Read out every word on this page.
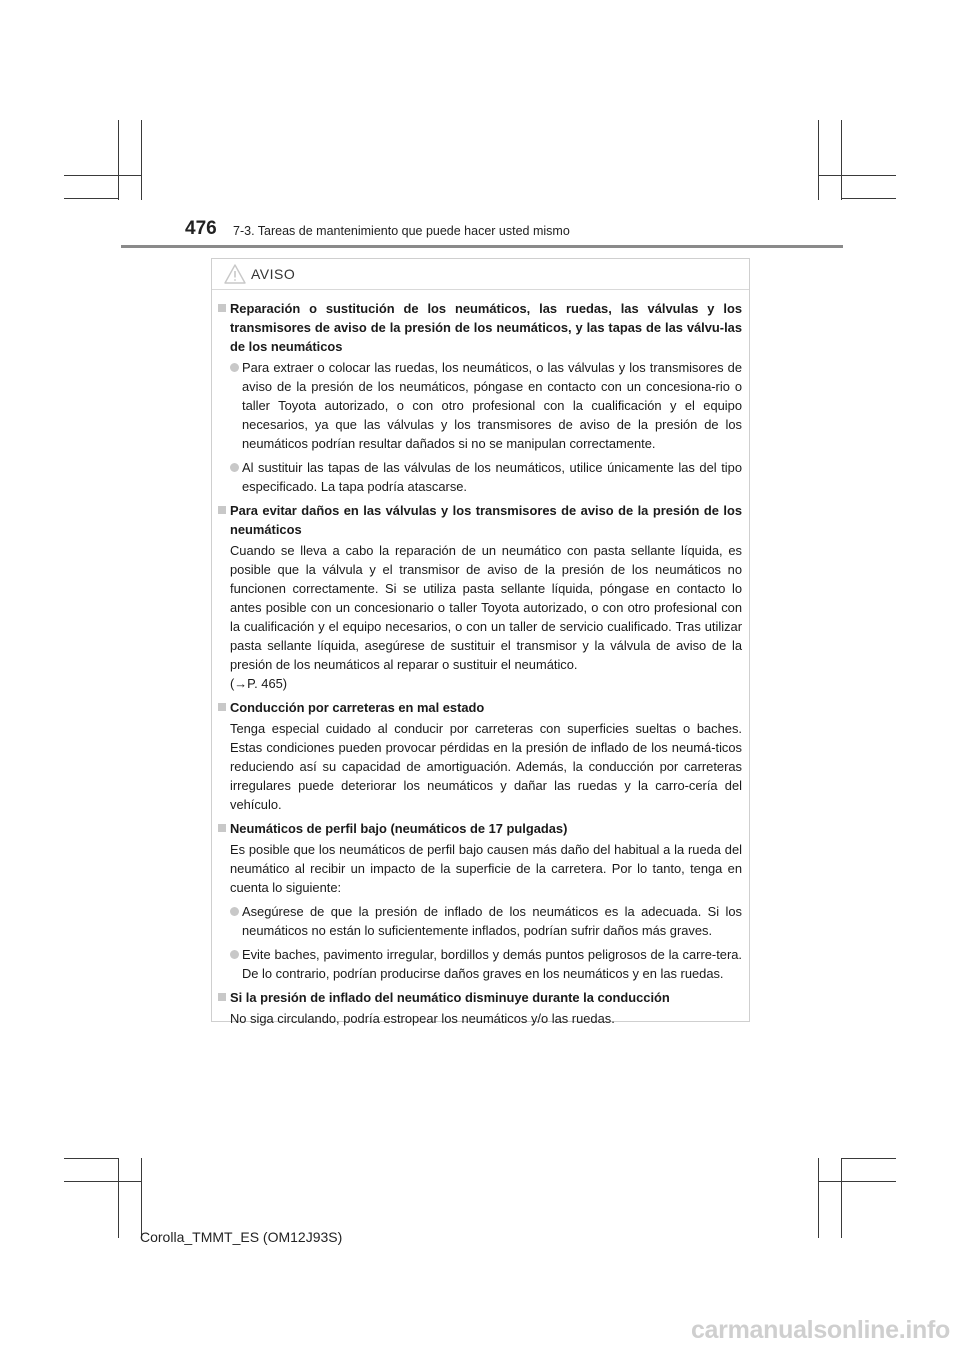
476 7-3. Tareas de mantenimiento que puede hacer usted mismo
AVISO
Reparación o sustitución de los neumáticos, las ruedas, las válvulas y los transmisores de aviso de la presión de los neumáticos, y las tapas de las válvu-las de los neumáticos
Para extraer o colocar las ruedas, los neumáticos, o las válvulas y los transmisores de aviso de la presión de los neumáticos, póngase en contacto con un concesiona-rio o taller Toyota autorizado, o con otro profesional con la cualificación y el equipo necesarios, ya que las válvulas y los transmisores de aviso de la presión de los neumáticos podrían resultar dañados si no se manipulan correctamente.
Al sustituir las tapas de las válvulas de los neumáticos, utilice únicamente las del tipo especificado. La tapa podría atascarse.
Para evitar daños en las válvulas y los transmisores de aviso de la presión de los neumáticos
Cuando se lleva a cabo la reparación de un neumático con pasta sellante líquida, es posible que la válvula y el transmisor de aviso de la presión de los neumáticos no funcionen correctamente. Si se utiliza pasta sellante líquida, póngase en contacto lo antes posible con un concesionario o taller Toyota autorizado, o con otro profesional con la cualificación y el equipo necesarios, o con un taller de servicio cualificado. Tras utilizar pasta sellante líquida, asegúrese de sustituir el transmisor y la válvula de aviso de la presión de los neumáticos al reparar o sustituir el neumático.
(→P. 465)
Conducción por carreteras en mal estado
Tenga especial cuidado al conducir por carreteras con superficies sueltas o baches. Estas condiciones pueden provocar pérdidas en la presión de inflado de los neumá-ticos reduciendo así su capacidad de amortiguación. Además, la conducción por carreteras irregulares puede deteriorar los neumáticos y dañar las ruedas y la carro-cería del vehículo.
Neumáticos de perfil bajo (neumáticos de 17 pulgadas)
Es posible que los neumáticos de perfil bajo causen más daño del habitual a la rueda del neumático al recibir un impacto de la superficie de la carretera. Por lo tanto, tenga en cuenta lo siguiente:
Asegúrese de que la presión de inflado de los neumáticos es la adecuada. Si los neumáticos no están lo suficientemente inflados, podrían sufrir daños más graves.
Evite baches, pavimento irregular, bordillos y demás puntos peligrosos de la carre-tera. De lo contrario, podrían producirse daños graves en los neumáticos y en las ruedas.
Si la presión de inflado del neumático disminuye durante la conducción
No siga circulando, podría estropear los neumáticos y/o las ruedas.
Corolla_TMMT_ES (OM12J93S)
carmanualsonline.info
